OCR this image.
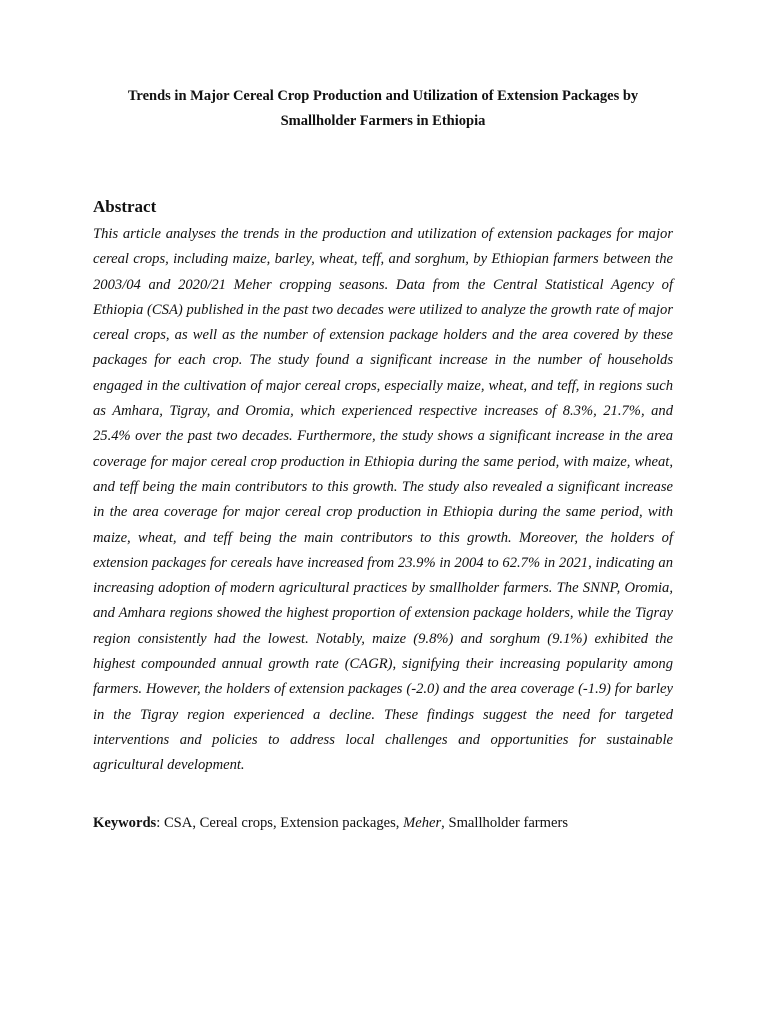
Trends in Major Cereal Crop Production and Utilization of Extension Packages by
Smallholder Farmers in Ethiopia
Abstract

This article analyses the trends in the production and utilization of extension packages for major cereal crops, including maize, barley, wheat, teff, and sorghum, by Ethiopian farmers between the 2003/04 and 2020/21 Meher cropping seasons. Data from the Central Statistical Agency of Ethiopia (CSA) published in the past two decades were utilized to analyze the growth rate of major cereal crops, as well as the number of extension package holders and the area covered by these packages for each crop. The study found a significant increase in the number of households engaged in the cultivation of major cereal crops, especially maize, wheat, and teff, in regions such as Amhara, Tigray, and Oromia, which experienced respective increases of 8.3%, 21.7%, and 25.4% over the past two decades. Furthermore, the study shows a significant increase in the area coverage for major cereal crop production in Ethiopia during the same period, with maize, wheat, and teff being the main contributors to this growth. The study also revealed a significant increase in the area coverage for major cereal crop production in Ethiopia during the same period, with maize, wheat, and teff being the main contributors to this growth. Moreover, the holders of extension packages for cereals have increased from 23.9% in 2004 to 62.7% in 2021, indicating an increasing adoption of modern agricultural practices by smallholder farmers. The SNNP, Oromia, and Amhara regions showed the highest proportion of extension package holders, while the Tigray region consistently had the lowest. Notably, maize (9.8%) and sorghum (9.1%) exhibited the highest compounded annual growth rate (CAGR), signifying their increasing popularity among farmers. However, the holders of extension packages (-2.0) and the area coverage (-1.9) for barley in the Tigray region experienced a decline. These findings suggest the need for targeted interventions and policies to address local challenges and opportunities for sustainable agricultural development.

Keywords: CSA, Cereal crops, Extension packages, Meher, Smallholder farmers
